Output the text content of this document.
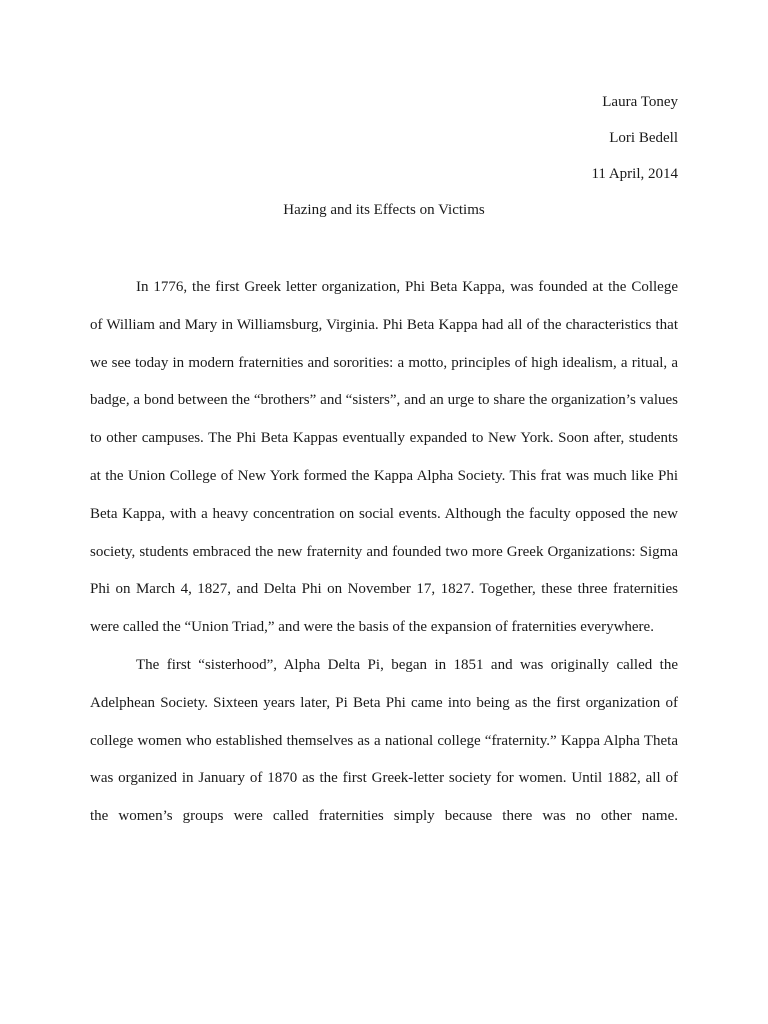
Laura Toney
Lori Bedell
11 April, 2014
Hazing and its Effects on Victims

In 1776, the first Greek letter organization, Phi Beta Kappa, was founded at the College of William and Mary in Williamsburg, Virginia. Phi Beta Kappa had all of the characteristics that we see today in modern fraternities and sororities: a motto, principles of high idealism, a ritual, a badge, a bond between the “brothers” and “sisters”, and an urge to share the organization’s values to other campuses. The Phi Beta Kappas eventually expanded to New York. Soon after, students at the Union College of New York formed the Kappa Alpha Society. This frat was much like Phi Beta Kappa, with a heavy concentration on social events. Although the faculty opposed the new society, students embraced the new fraternity and founded two more Greek Organizations: Sigma Phi on March 4, 1827, and Delta Phi on November 17, 1827. Together, these three fraternities were called the “Union Triad,” and were the basis of the expansion of fraternities everywhere.

The first “sisterhood”, Alpha Delta Pi, began in 1851 and was originally called the Adelphean Society. Sixteen years later, Pi Beta Phi came into being as the first organization of college women who established themselves as a national college “fraternity.” Kappa Alpha Theta was organized in January of 1870 as the first Greek-letter society for women. Until 1882, all of the women’s groups were called fraternities simply because there was no other name.
